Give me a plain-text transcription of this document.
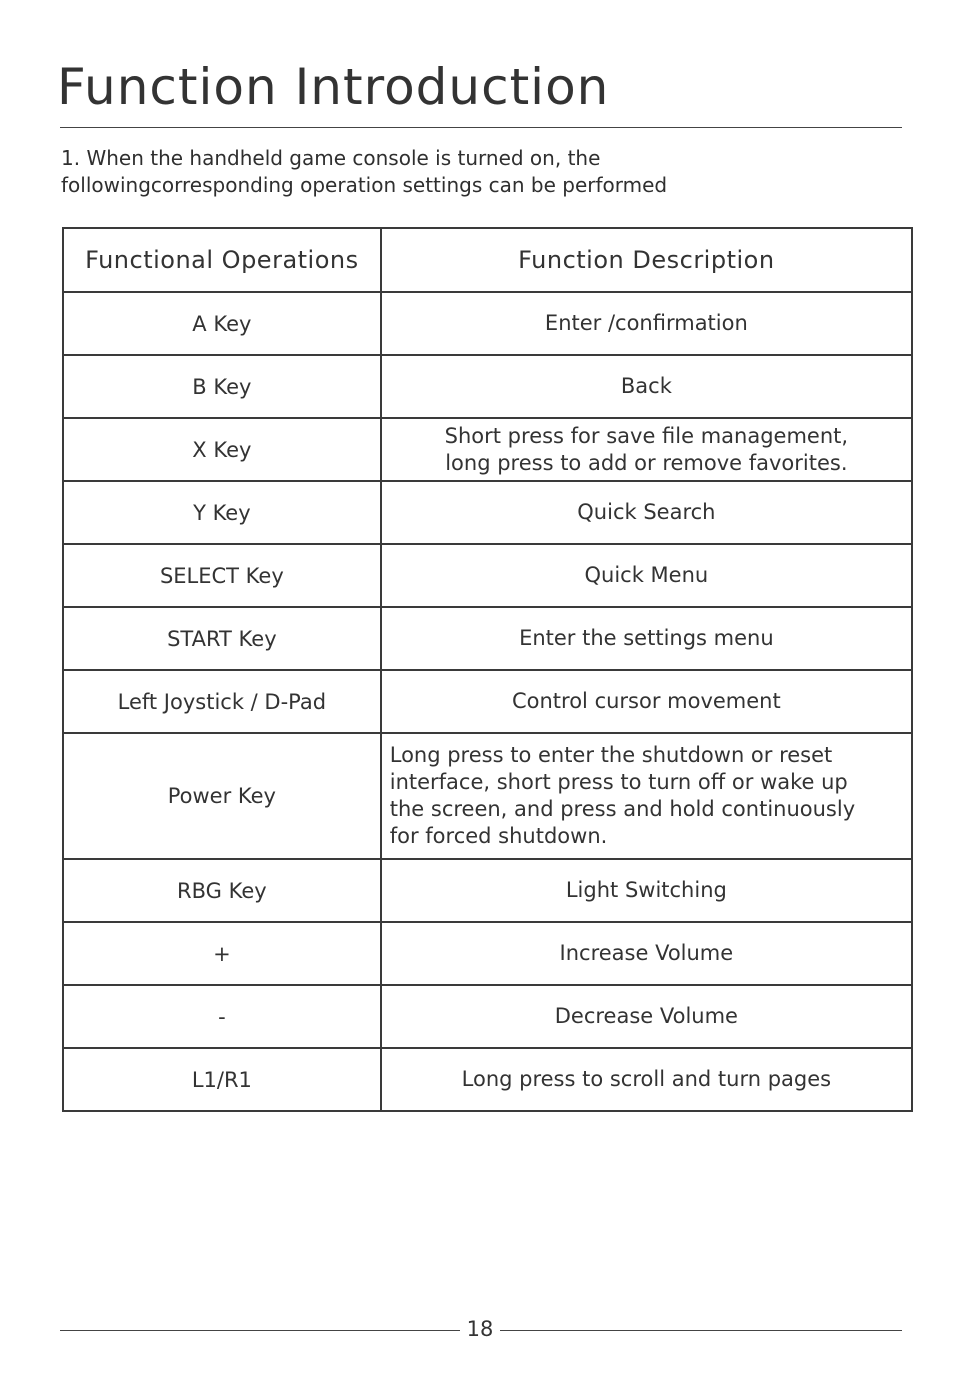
Function Introduction
1. When the handheld game console is turned on, the
followingcorresponding operation settings can be performed
Functional Operations	Function Description
A Key	Enter /confirmation

B Key	Back

X Key	Short press for save file management,
long press to add or remove favorites.

Y Key	Quick Search

SELECT Key	Quick Menu

START Key	Enter the settings menu

Left Joystick / D-Pad	Control cursor movement

Power Key	Long press to enter the shutdown or reset
interface, short press to turn off or wake up
the screen, and press and hold continuously
for forced shutdown.

RBG Key	Light Switching

+	Increase Volume

-	Decrease Volume

L1/R1	Long press to scroll and turn pages
18
